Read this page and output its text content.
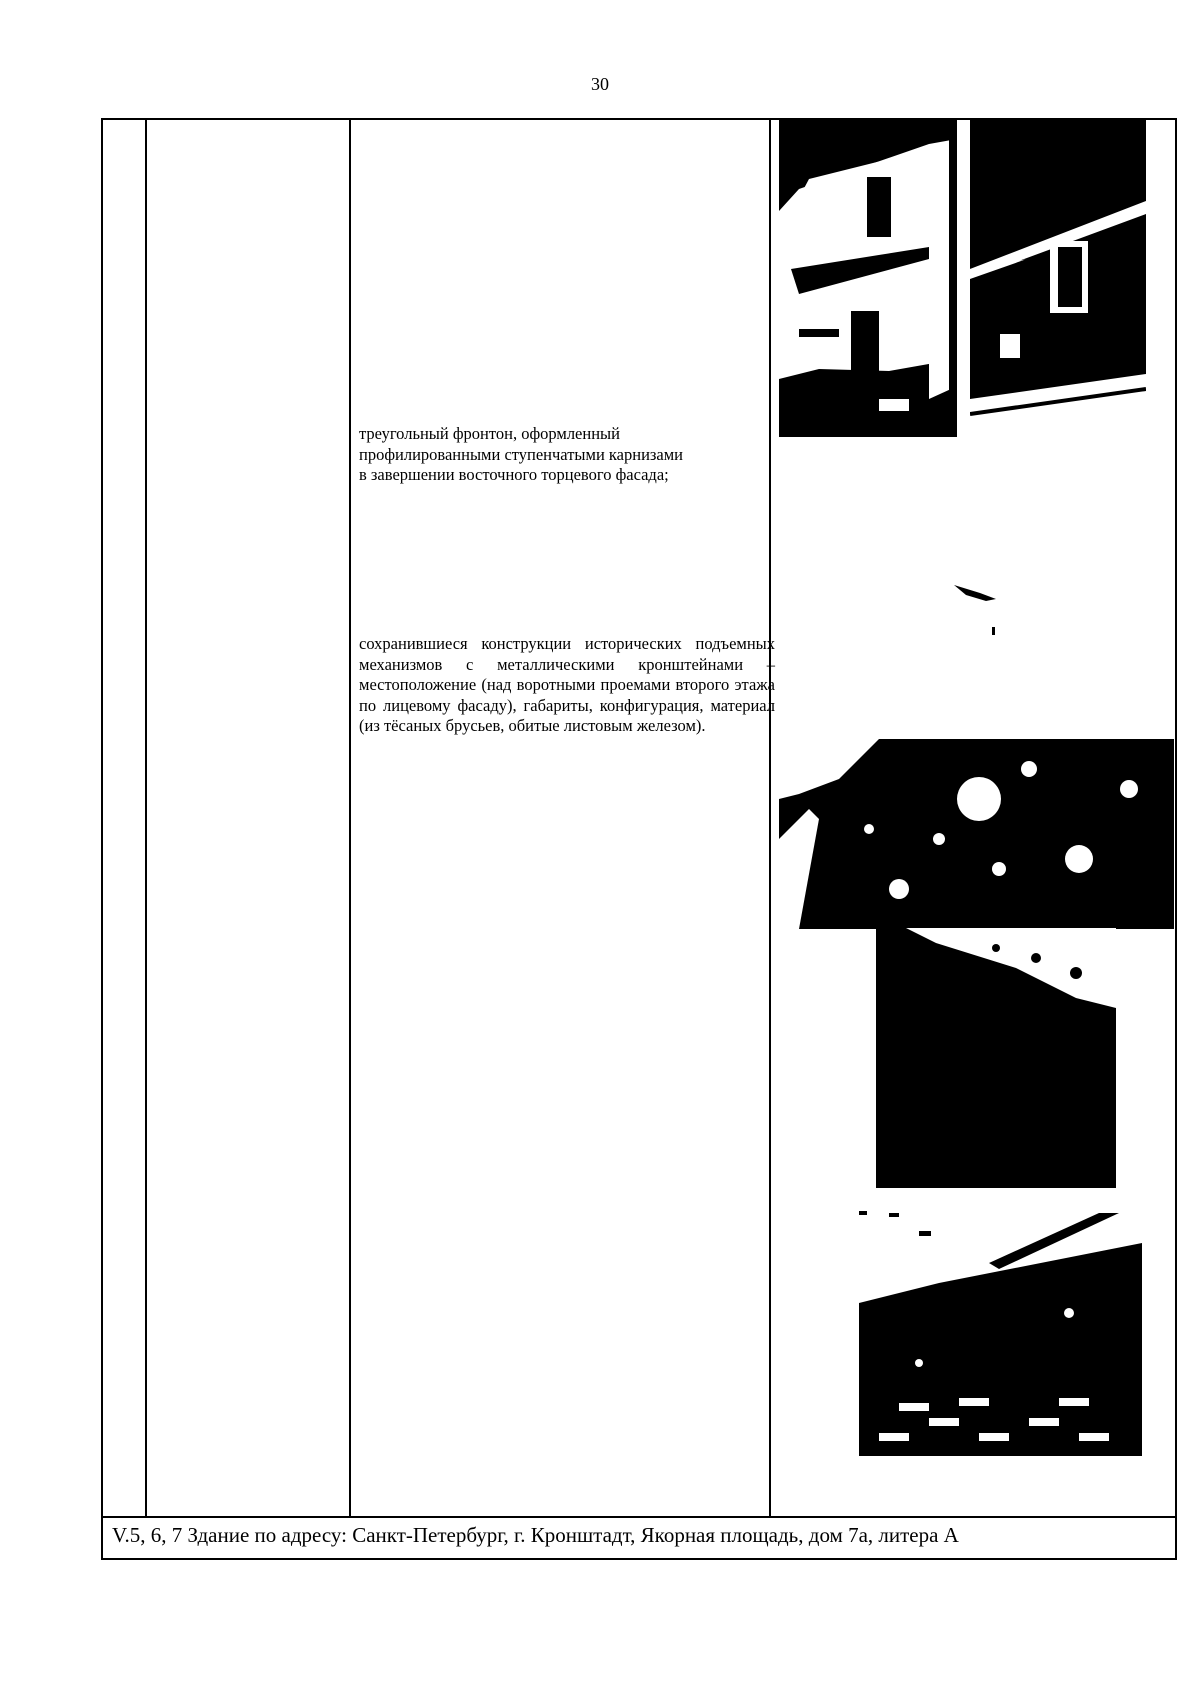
30
треугольный фронтон, оформленный профилированными ступенчатыми карнизами в завершении восточного торцевого фасада;
сохранившиеся конструкции исторических подъемных механизмов с металлическими кронштейнами – местоположение (над воротными проемами второго этажа по лицевому фасаду), габариты, конфигурация, материал (из тёсаных брусьев, обитые листовым железом).
V.5, 6, 7 Здание по адресу: Санкт-Петербург, г. Кронштадт, Якорная площадь, дом 7а, литера А
